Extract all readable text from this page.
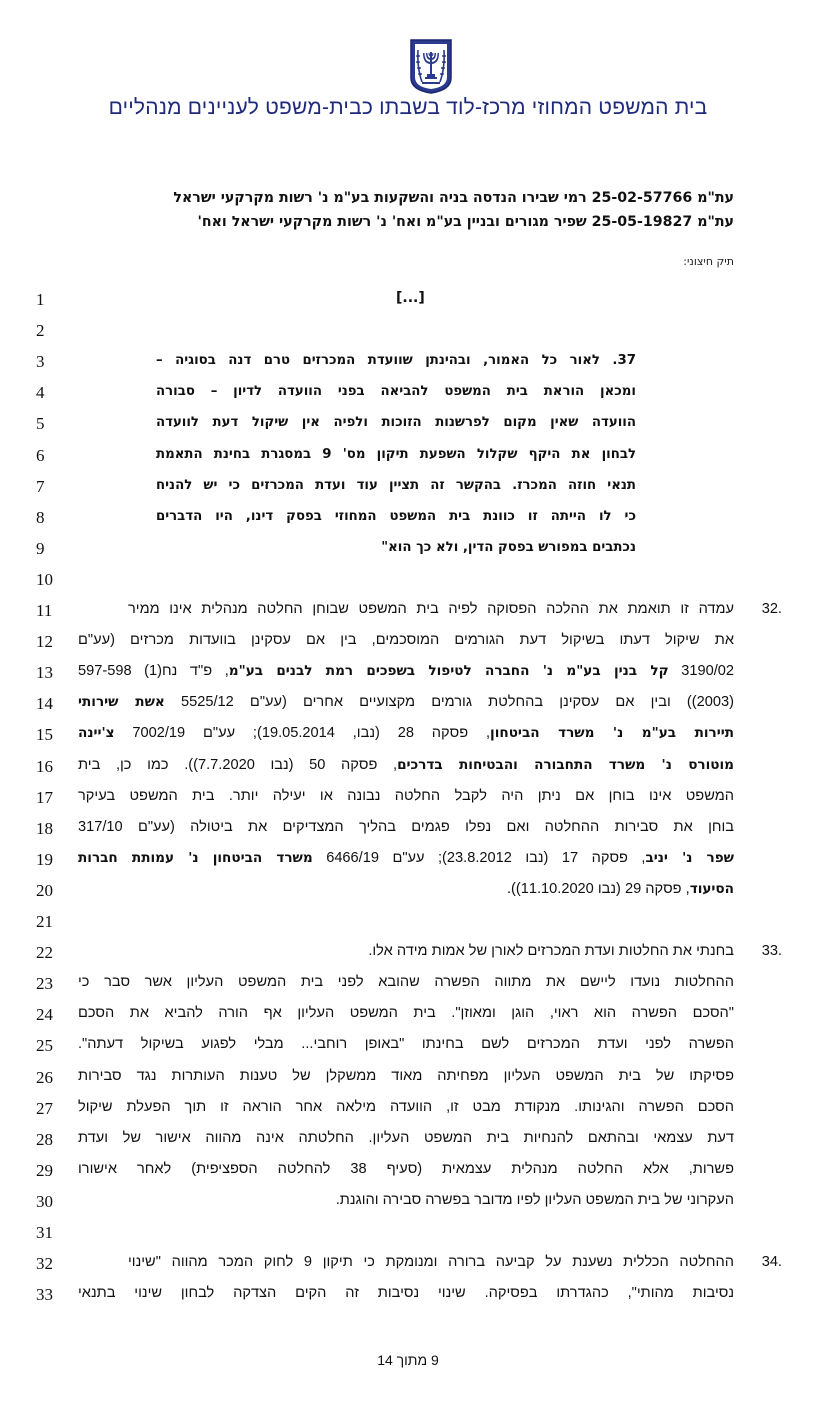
בית המשפט המחוזי מרכז-לוד בשבתו כבית-משפט לעניינים מנהליים
עת"מ 25-02-57766 רמי שבירו הנדסה בניה והשקעות בע"מ נ' רשות מקרקעי ישראל
עת"מ 25-05-19827 שפיר מגורים ובניין בע"מ ואח' נ' רשות מקרקעי ישראל ואח'
תיק חיצוני:
1
2
3
4
5
6
7
8
9
10
11
12
13
14
15
16
17
18
19
20
21
22
23
24
25
26
27
28
29
30
31
32
33
[...]
37. לאור כל האמור, ובהינתן שוועדת המכרזים טרם דנה בסוגיה –
ומכאן הוראת בית המשפט להביאה בפני הוועדה לדיון – סבורה
הוועדה שאין מקום לפרשנות הזוכות ולפיה אין שיקול דעת לוועדה
לבחון את היקף שקלול השפעת תיקון מס' 9 במסגרת בחינת התאמת
תנאי חוזה המכרז. בהקשר זה תציין עוד ועדת המכרזים כי יש להניח
כי לו הייתה זו כוונת בית המשפט המחוזי בפסק דינו, היו הדברים
נכתבים במפורש בפסק הדין, ולא כך הוא"
32.
עמדה זו תואמת את ההלכה הפסוקה לפיה בית המשפט שבוחן החלטה מנהלית אינו ממיר
את שיקול דעתו בשיקול דעת הגורמים המוסכמים, בין אם עסקינן בוועדות מכרזים (עע"ם
3190/02 קל בנין בע"מ נ' החברה לטיפול בשפכים רמת לבנים בע"מ, פ"ד נח(1) 597-598
(2003)) ובין אם עסקינן בהחלטת גורמים מקצועיים אחרים (עע"ם 5525/12 אשת שירותי
תיירות בע"מ נ' משרד הביטחון, פסקה 28 (נבו, 19.05.2014); עע"ם 7002/19 צ'יינה
מוטורס נ' משרד התחבורה והבטיחות בדרכים, פסקה 50 (נבו 7.7.2020)). כמו כן, בית
המשפט אינו בוחן אם ניתן היה לקבל החלטה נבונה או יעילה יותר. בית המשפט בעיקר
בוחן את סבירות ההחלטה ואם נפלו פגמים בהליך המצדיקים את ביטולה (עע"ם 317/10
שפר נ' יניב, פסקה 17 (נבו 23.8.2012); עע"ם 6466/19 משרד הביטחון נ' עמותת חברות
הסיעוד, פסקה 29 (נבו 11.10.2020)).
33.
בחנתי את החלטות ועדת המכרזים לאורן של אמות מידה אלו.
ההחלטות נועדו ליישם את מתווה הפשרה שהובא לפני בית המשפט העליון אשר סבר כי
"הסכם הפשרה הוא ראוי, הוגן ומאוזן". בית המשפט העליון אף הורה להביא את הסכם
הפשרה לפני ועדת המכרזים לשם בחינתו "באופן רוחבי... מבלי לפגוע בשיקול דעתה".
פסיקתו של בית המשפט העליון מפחיתה מאוד ממשקלן של טענות העותרות נגד סבירות
הסכם הפשרה והגינותו. מנקודת מבט זו, הוועדה מילאה אחר הוראה זו תוך הפעלת שיקול
דעת עצמאי ובהתאם להנחיות בית המשפט העליון. החלטתה אינה מהווה אישור של ועדת
פשרות, אלא החלטה מנהלית עצמאית (סעיף 38 להחלטה הספציפית) לאחר אישורו
העקרוני של בית המשפט העליון לפיו מדובר בפשרה סבירה והוגנת.
34.
ההחלטה הכללית נשענת על קביעה ברורה ומנומקת כי תיקון 9 לחוק המכר מהווה "שינוי
נסיבות מהותי", כהגדרתו בפסיקה. שינוי נסיבות זה הקים הצדקה לבחון שינוי בתנאי
9 מתוך 14
